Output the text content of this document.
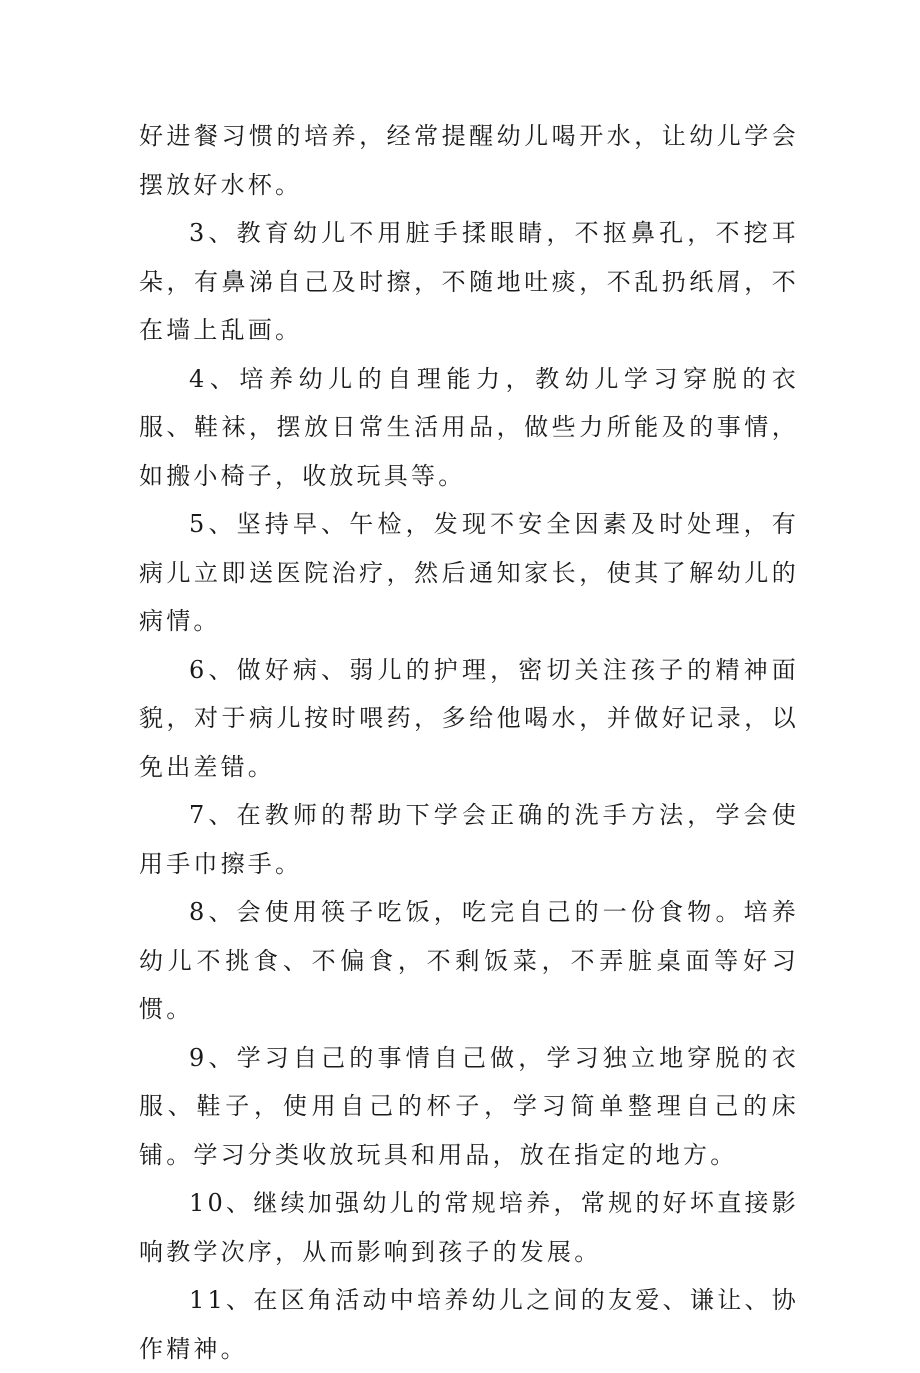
好进餐习惯的培养，经常提醒幼儿喝开水，让幼儿学会摆放好水杯。

3、教育幼儿不用脏手揉眼睛，不抠鼻孔，不挖耳朵，有鼻涕自己及时擦，不随地吐痰，不乱扔纸屑，不在墙上乱画。

4、培养幼儿的自理能力，教幼儿学习穿脱的衣服、鞋袜，摆放日常生活用品，做些力所能及的事情，如搬小椅子，收放玩具等。

5、坚持早、午检，发现不安全因素及时处理，有病儿立即送医院治疗，然后通知家长，使其了解幼儿的病情。

6、做好病、弱儿的护理，密切关注孩子的精神面貌，对于病儿按时喂药，多给他喝水，并做好记录，以免出差错。

7、在教师的帮助下学会正确的洗手方法，学会使用手巾擦手。

8、会使用筷子吃饭，吃完自己的一份食物。培养幼儿不挑食、不偏食，不剩饭菜，不弄脏桌面等好习惯。

9、学习自己的事情自己做，学习独立地穿脱的衣服、鞋子，使用自己的杯子，学习简单整理自己的床铺。学习分类收放玩具和用品，放在指定的地方。

10、继续加强幼儿的常规培养，常规的好坏直接影响教学次序，从而影响到孩子的发展。

11、在区角活动中培养幼儿之间的友爱、谦让、协作精神。
